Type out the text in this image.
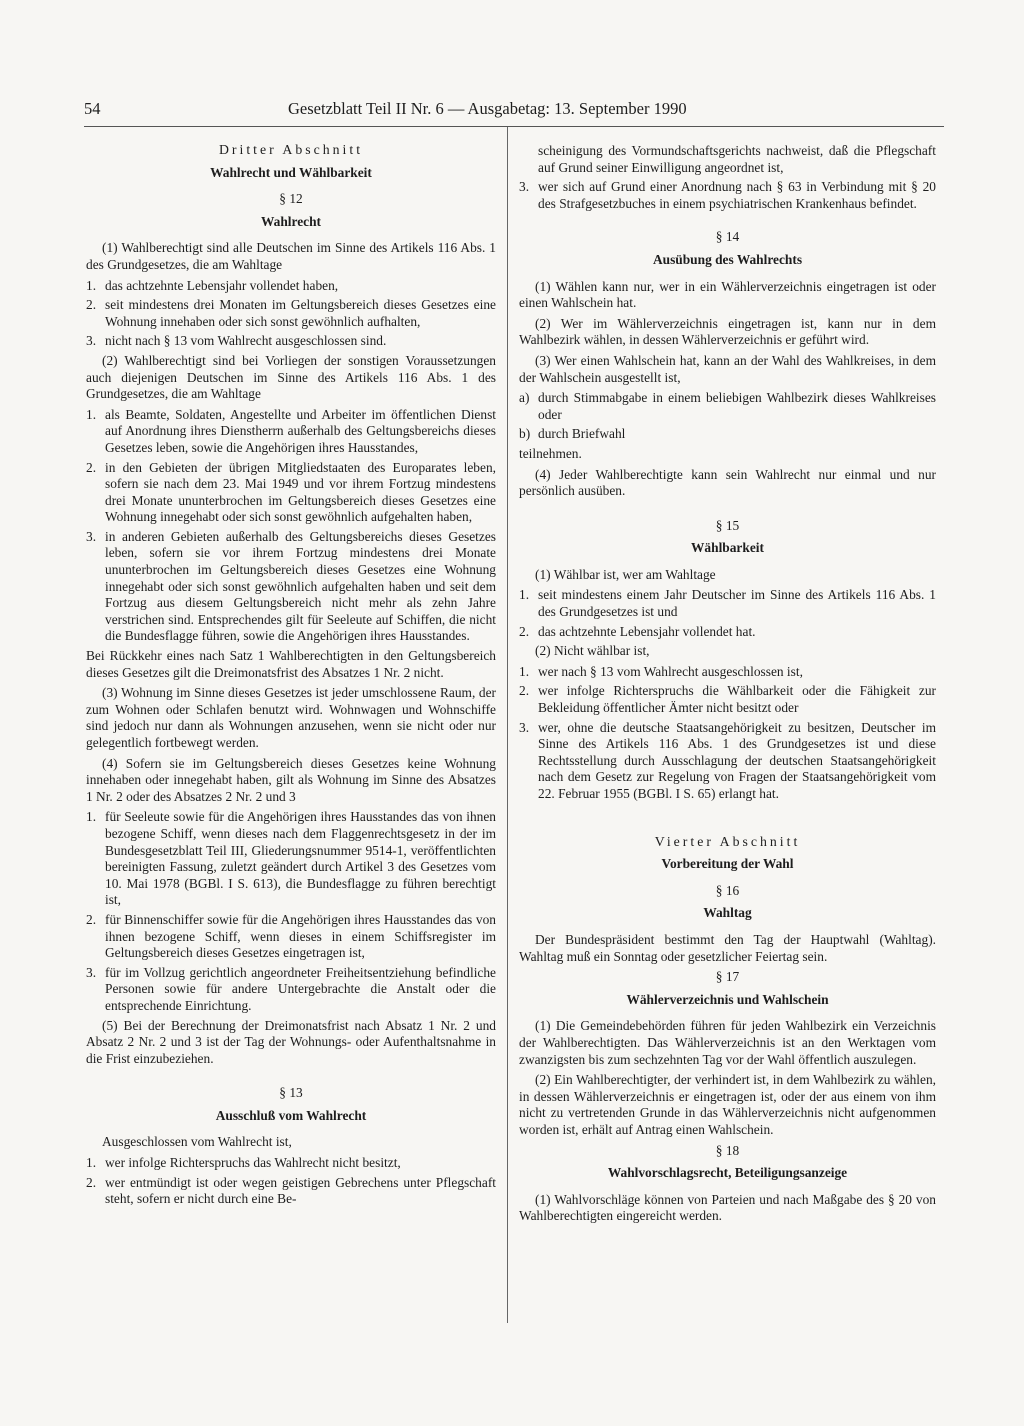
54	Gesetzblatt Teil II Nr. 6 — Ausgabetag: 13. September 1990
Dritter Abschnitt
Wahlrecht und Wählbarkeit
§ 12
Wahlrecht

(1) Wahlberechtigt sind alle Deutschen im Sinne des Artikels 116 Abs. 1 des Grundgesetzes, die am Wahltage

1. das achtzehnte Lebensjahr vollendet haben,
2. seit mindestens drei Monaten im Geltungsbereich dieses Gesetzes eine Wohnung innehaben oder sich sonst gewöhnlich aufhalten,
3. nicht nach § 13 vom Wahlrecht ausgeschlossen sind.

(2) Wahlberechtigt sind bei Vorliegen der sonstigen Voraussetzungen auch diejenigen Deutschen im Sinne des Artikels 116 Abs. 1 des Grundgesetzes, die am Wahltage

1. als Beamte, Soldaten, Angestellte und Arbeiter im öffentlichen Dienst auf Anordnung ihres Dienstherrn außerhalb des Geltungsbereichs dieses Gesetzes leben, sowie die Angehörigen ihres Hausstandes,
2. in den Gebieten der übrigen Mitgliedstaaten des Europarates leben, sofern sie nach dem 23. Mai 1949 und vor ihrem Fortzug mindestens drei Monate ununterbrochen im Geltungsbereich dieses Gesetzes eine Wohnung innegehabt oder sich sonst gewöhnlich aufgehalten haben,
3. in anderen Gebieten außerhalb des Geltungsbereichs dieses Gesetzes leben, sofern sie vor ihrem Fortzug mindestens drei Monate ununterbrochen im Geltungsbereich dieses Gesetzes eine Wohnung innegehabt oder sich sonst gewöhnlich aufgehalten haben und seit dem Fortzug aus diesem Geltungsbereich nicht mehr als zehn Jahre verstrichen sind. Entsprechendes gilt für Seeleute auf Schiffen, die nicht die Bundesflagge führen, sowie die Angehörigen ihres Hausstandes.

Bei Rückkehr eines nach Satz 1 Wahlberechtigten in den Geltungsbereich dieses Gesetzes gilt die Dreimonatsfrist des Absatzes 1 Nr. 2 nicht.

(3) Wohnung im Sinne dieses Gesetzes ist jeder umschlossene Raum, der zum Wohnen oder Schlafen benutzt wird. Wohnwagen und Wohnschiffe sind jedoch nur dann als Wohnungen anzusehen, wenn sie nicht oder nur gelegentlich fortbewegt werden.

(4) Sofern sie im Geltungsbereich dieses Gesetzes keine Wohnung innehaben oder innegehabt haben, gilt als Wohnung im Sinne des Absatzes 1 Nr. 2 oder des Absatzes 2 Nr. 2 und 3

1. für Seeleute sowie für die Angehörigen ihres Hausstandes das von ihnen bezogene Schiff, wenn dieses nach dem Flaggenrechtsgesetz in der im Bundesgesetzblatt Teil III, Gliederungsnummer 9514-1, veröffentlichten bereinigten Fassung, zuletzt geändert durch Artikel 3 des Gesetzes vom 10. Mai 1978 (BGBl. I S. 613), die Bundesflagge zu führen berechtigt ist,
2. für Binnenschiffer sowie für die Angehörigen ihres Hausstandes das von ihnen bezogene Schiff, wenn dieses in einem Schiffsregister im Geltungsbereich dieses Gesetzes eingetragen ist,
3. für im Vollzug gerichtlich angeordneter Freiheitsentziehung befindliche Personen sowie für andere Untergebrachte die Anstalt oder die entsprechende Einrichtung.

(5) Bei der Berechnung der Dreimonatsfrist nach Absatz 1 Nr. 2 und Absatz 2 Nr. 2 und 3 ist der Tag der Wohnungs- oder Aufenthaltsnahme in die Frist einzubeziehen.

§ 13
Ausschluß vom Wahlrecht

Ausgeschlossen vom Wahlrecht ist,

1. wer infolge Richterspruchs das Wahlrecht nicht besitzt,
2. wer entmündigt ist oder wegen geistigen Gebrechens unter Pflegschaft steht, sofern er nicht durch eine Be-
scheinigung des Vormundschaftsgerichts nachweist, daß die Pflegschaft auf Grund seiner Einwilligung angeordnet ist,
3. wer sich auf Grund einer Anordnung nach § 63 in Verbindung mit § 20 des Strafgesetzbuches in einem psychiatrischen Krankenhaus befindet.
§ 14
Ausübung des Wahlrechts

(1) Wählen kann nur, wer in ein Wählerverzeichnis eingetragen ist oder einen Wahlschein hat.

(2) Wer im Wählerverzeichnis eingetragen ist, kann nur in dem Wahlbezirk wählen, in dessen Wählerverzeichnis er geführt wird.

(3) Wer einen Wahlschein hat, kann an der Wahl des Wahlkreises, in dem der Wahlschein ausgestellt ist,

a) durch Stimmabgabe in einem beliebigen Wahlbezirk dieses Wahlkreises oder
b) durch Briefwahl

teilnehmen.

(4) Jeder Wahlberechtigte kann sein Wahlrecht nur einmal und nur persönlich ausüben.

§ 15
Wählbarkeit

(1) Wählbar ist, wer am Wahltage

1. seit mindestens einem Jahr Deutscher im Sinne des Artikels 116 Abs. 1 des Grundgesetzes ist und
2. das achtzehnte Lebensjahr vollendet hat.

(2) Nicht wählbar ist,

1. wer nach § 13 vom Wahlrecht ausgeschlossen ist,
2. wer infolge Richterspruchs die Wählbarkeit oder die Fähigkeit zur Bekleidung öffentlicher Ämter nicht besitzt oder
3. wer, ohne die deutsche Staatsangehörigkeit zu besitzen, Deutscher im Sinne des Artikels 116 Abs. 1 des Grundgesetzes ist und diese Rechtsstellung durch Ausschlagung der deutschen Staatsangehörigkeit nach dem Gesetz zur Regelung von Fragen der Staatsangehörigkeit vom 22. Februar 1955 (BGBl. I S. 65) erlangt hat.
Vierter Abschnitt
Vorbereitung der Wahl
§ 16
Wahltag

Der Bundespräsident bestimmt den Tag der Hauptwahl (Wahltag). Wahltag muß ein Sonntag oder gesetzlicher Feiertag sein.

§ 17
Wählerverzeichnis und Wahlschein

(1) Die Gemeindebehörden führen für jeden Wahlbezirk ein Verzeichnis der Wahlberechtigten. Das Wählerverzeichnis ist an den Werktagen vom zwanzigsten bis zum sechzehnten Tag vor der Wahl öffentlich auszulegen.

(2) Ein Wahlberechtigter, der verhindert ist, in dem Wahlbezirk zu wählen, in dessen Wählerverzeichnis er eingetragen ist, oder der aus einem von ihm nicht zu vertretenden Grunde in das Wählerverzeichnis nicht aufgenommen worden ist, erhält auf Antrag einen Wahlschein.

§ 18
Wahlvorschlagsrecht, Beteiligungsanzeige

(1) Wahlvorschläge können von Parteien und nach Maßgabe des § 20 von Wahlberechtigten eingereicht werden.
